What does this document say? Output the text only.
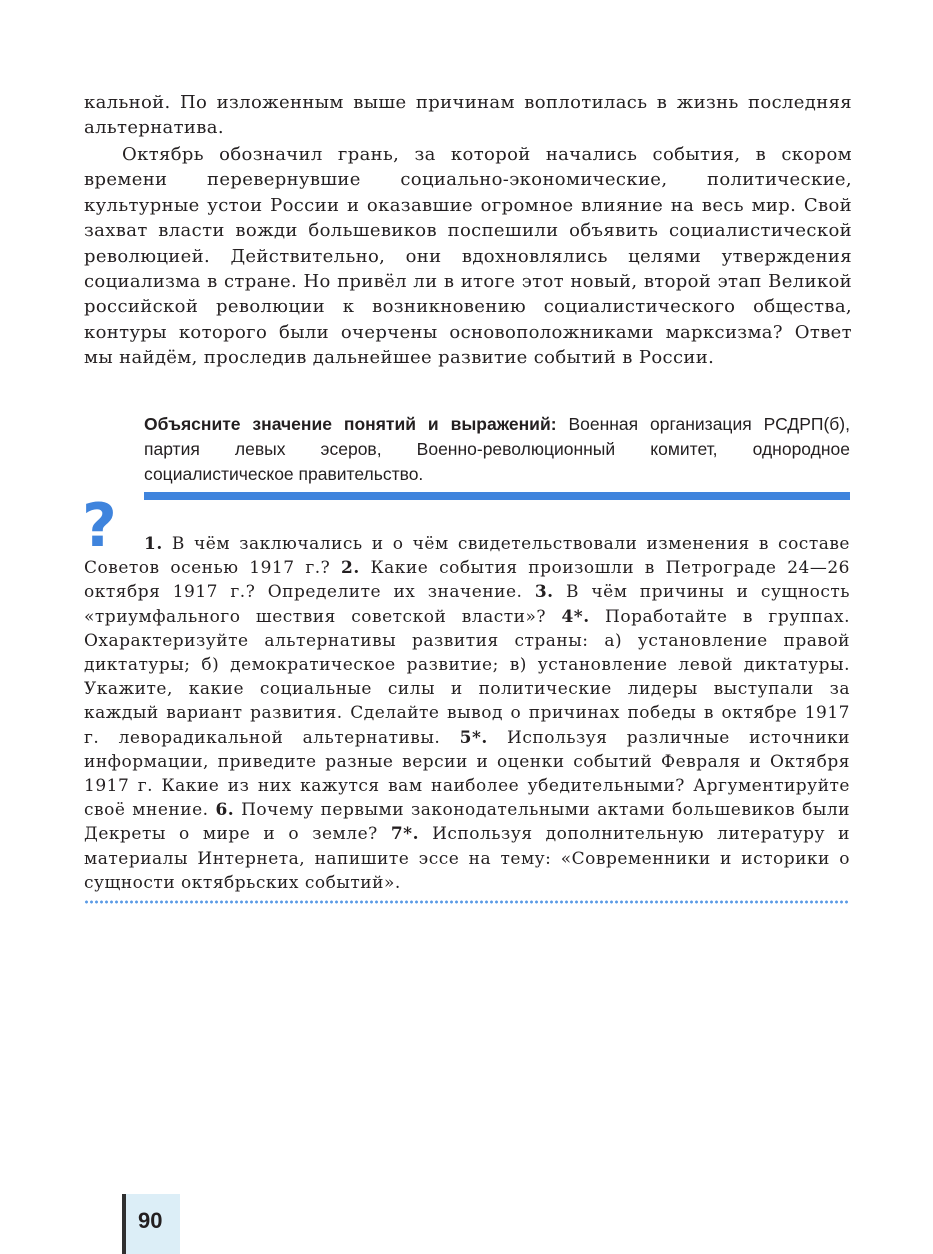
кальной. По изложенным выше причинам воплотилась в жизнь последняя альтернатива.

Октябрь обозначил грань, за которой начались события, в скором времени перевернувшие социально-экономические, политические, культурные устои России и оказавшие огромное влияние на весь мир. Свой захват власти вожди большевиков поспешили объявить социалистической революцией. Действительно, они вдохновлялись целями утверждения социализма в стране. Но привёл ли в итоге этот новый, второй этап Великой российской революции к возникновению социалистического общества, контуры которого были очерчены основоположниками марксизма? Ответ мы найдём, проследив дальнейшее развитие событий в России.

Объясните значение понятий и выражений: Военная организация РСДРП(б), партия левых эсеров, Военно-революционный комитет, однородное социалистическое правительство.

?	1. В чём заключались и о чём свидетельствовали изменения в составе Советов осенью 1917 г.? 2. Какие события произошли в Петрограде 24—26 октября 1917 г.? Определите их значение. 3. В чём причины и сущность «триумфального шествия советской власти»? 4*. Поработайте в группах. Охарактеризуйте альтернативы развития страны: а) установление правой диктатуры; б) демократическое развитие; в) установление левой диктатуры. Укажите, какие социальные силы и политические лидеры выступали за каждый вариант развития. Сделайте вывод о причинах победы в октябре 1917 г. леворадикальной альтернативы. 5*. Используя различные источники информации, приведите разные версии и оценки событий Февраля и Октября 1917 г. Какие из них кажутся вам наиболее убедительными? Аргументируйте своё мнение. 6. Почему первыми законодательными актами большевиков были Декреты о мире и о земле? 7*. Используя дополнительную литературу и материалы Интернета, напишите эссе на тему: «Современники и историки о сущности октябрьских событий».

90
